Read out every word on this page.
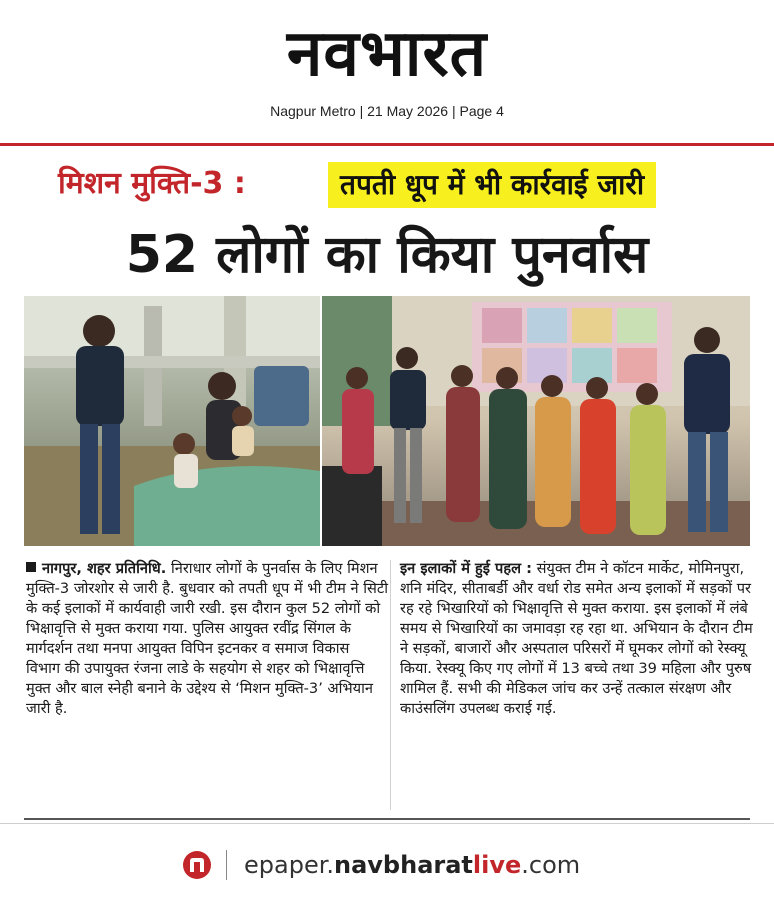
नवभारत
Nagpur Metro | 21 May 2026 | Page 4
मिशन मुक्ति-3 :	तपती धूप में भी कार्रवाई जारी
52 लोगों का किया पुनर्वास
नागपुर, शहर प्रतिनिधि. निराधार लोगों के पुनर्वास के लिए मिशन मुक्ति-3 जोरशोर से जारी है. बुधवार को तपती धूप में भी टीम ने सिटी के कई इलाकों में कार्यवाही जारी रखी. इस दौरान कुल 52 लोगों को भिक्षावृत्ति से मुक्त कराया गया. पुलिस आयुक्त रवींद्र सिंगल के मार्गदर्शन तथा मनपा आयुक्त विपिन इटनकर व समाज विकास विभाग की उपायुक्त रंजना लाडे के सहयोग से शहर को भिक्षावृत्ति मुक्त और बाल स्नेही बनाने के उद्देश्य से ‘मिशन मुक्ति-3’ अभियान जारी है.
इन इलाकों में हुई पहल : संयुक्त टीम ने कॉटन मार्केट, मोमिनपुरा, शनि मंदिर, सीताबर्डी और वर्धा रोड समेत अन्य इलाकों में सड़कों पर रह रहे भिखारियों को भिक्षावृत्ति से मुक्त कराया. इस इलाकों में लंबे समय से भिखारियों का जमावड़ा रह रहा था. अभियान के दौरान टीम ने सड़कों, बाजारों और अस्पताल परिसरों में घूमकर लोगों को रेस्क्यू किया. रेस्क्यू किए गए लोगों में 13 बच्चे तथा 39 महिला और पुरुष शामिल हैं. सभी की मेडिकल जांच कर उन्हें तत्काल संरक्षण और काउंसलिंग उपलब्ध कराई गई.
epaper.navbharatlive.com
